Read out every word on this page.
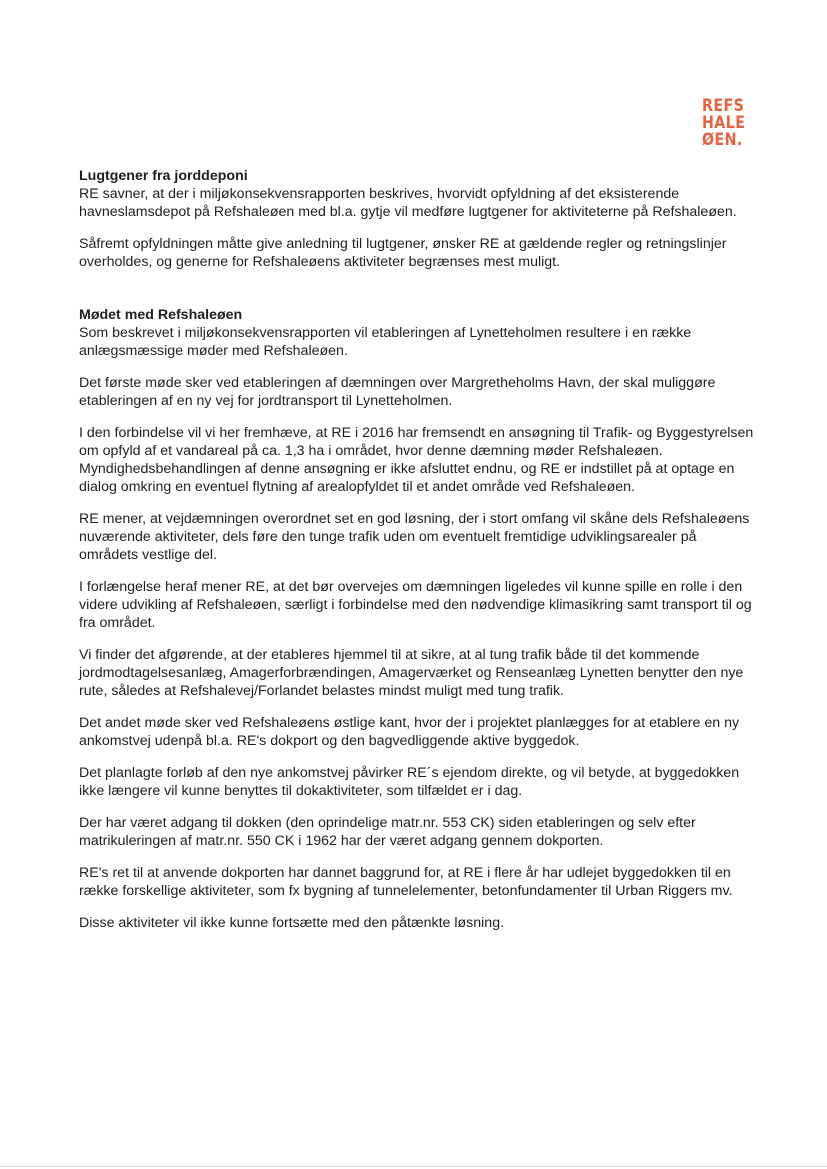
REFS
HALE
ØEN.
Lugtgener fra jorddeponi

RE savner, at der i miljøkonsekvensrapporten beskrives, hvorvidt opfyldning af det eksisterende havneslamsdepot på Refshaleøen med bl.a. gytje vil medføre lugtgener for aktiviteterne på Refshaleøen.

Såfremt opfyldningen måtte give anledning til lugtgener, ønsker RE at gældende regler og retningslinjer overholdes, og generne for Refshaleøens aktiviteter begrænses mest muligt.

Mødet med Refshaleøen

Som beskrevet i miljøkonsekvensrapporten vil etableringen af Lynetteholmen resultere i en række anlægsmæssige møder med Refshaleøen.

Det første møde sker ved etableringen af dæmningen over Margretheholms Havn, der skal muliggøre etableringen af en ny vej for jordtransport til Lynetteholmen.

I den forbindelse vil vi her fremhæve, at RE i 2016 har fremsendt en ansøgning til Trafik- og Byggestyrelsen om opfyld af et vandareal på ca. 1,3 ha i området, hvor denne dæmning møder Refshaleøen. Myndighedsbehandlingen af denne ansøgning er ikke afsluttet endnu, og RE er indstillet på at optage en dialog omkring en eventuel flytning af arealopfyldet til et andet område ved Refshaleøen.

RE mener, at vejdæmningen overordnet set en god løsning, der i stort omfang vil skåne dels Refshaleøens nuværende aktiviteter, dels føre den tunge trafik uden om eventuelt fremtidige udviklingsarealer på områdets vestlige del.

I forlængelse heraf mener RE, at det bør overvejes om dæmningen ligeledes vil kunne spille en rolle i den videre udvikling af Refshaleøen, særligt i forbindelse med den nødvendige klimasikring samt transport til og fra området.

Vi finder det afgørende, at der etableres hjemmel til at sikre, at al tung trafik både til det kommende jordmodtagelsesanlæg, Amagerforbrændingen, Amagerværket og Renseanlæg Lynetten benytter den nye rute, således at Refshalevej/Forlandet belastes mindst muligt med tung trafik.

Det andet møde sker ved Refshaleøens østlige kant, hvor der i projektet planlægges for at etablere en ny ankomstvej udenpå bl.a. RE's dokport og den bagvedliggende aktive byggedok.

Det planlagte forløb af den nye ankomstvej påvirker RE´s ejendom direkte, og vil betyde, at byggedokken ikke længere vil kunne benyttes til dokaktiviteter, som tilfældet er i dag.

Der har været adgang til dokken (den oprindelige matr.nr. 553 CK) siden etableringen og selv efter matrikuleringen af matr.nr. 550 CK i 1962 har der været adgang gennem dokporten.

RE's ret til at anvende dokporten har dannet baggrund for, at RE i flere år har udlejet byggedokken til en række forskellige aktiviteter, som fx bygning af tunnelelementer, betonfundamenter til Urban Riggers mv.

Disse aktiviteter vil ikke kunne fortsætte med den påtænkte løsning.
